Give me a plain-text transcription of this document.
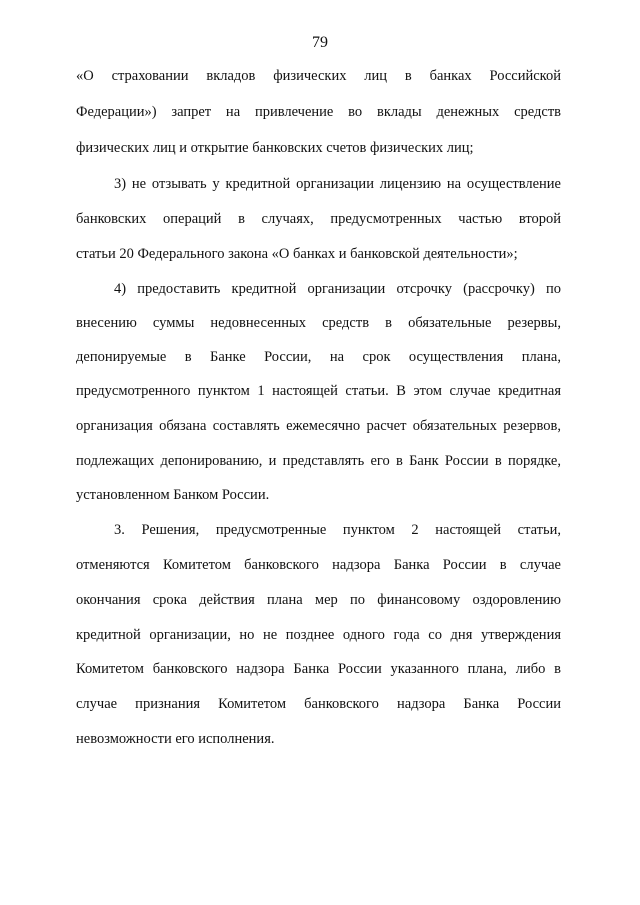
79
«О страховании вкладов физических лиц в банках Российской
Федерации») запрет на привлечение во вклады денежных средств
физических лиц и открытие банковских счетов физических лиц;
3) не отзывать у кредитной организации лицензию на осуществление
банковских операций в случаях, предусмотренных частью второй
статьи 20 Федерального закона «О банках и банковской деятельности»;
4) предоставить кредитной организации отсрочку (рассрочку) по
внесению суммы недовнесенных средств в обязательные резервы,
депонируемые в Банке России, на срок осуществления плана,
предусмотренного пунктом 1 настоящей статьи. В этом случае кредитная
организация обязана составлять ежемесячно расчет обязательных резервов,
подлежащих депонированию, и представлять его в Банк России в порядке,
установленном Банком России.
3. Решения, предусмотренные пунктом 2 настоящей статьи,
отменяются Комитетом банковского надзора Банка России в случае
окончания срока действия плана мер по финансовому оздоровлению
кредитной организации, но не позднее одного года со дня утверждения
Комитетом банковского надзора Банка России указанного плана, либо в
случае признания Комитетом банковского надзора Банка России
невозможности его исполнения.
